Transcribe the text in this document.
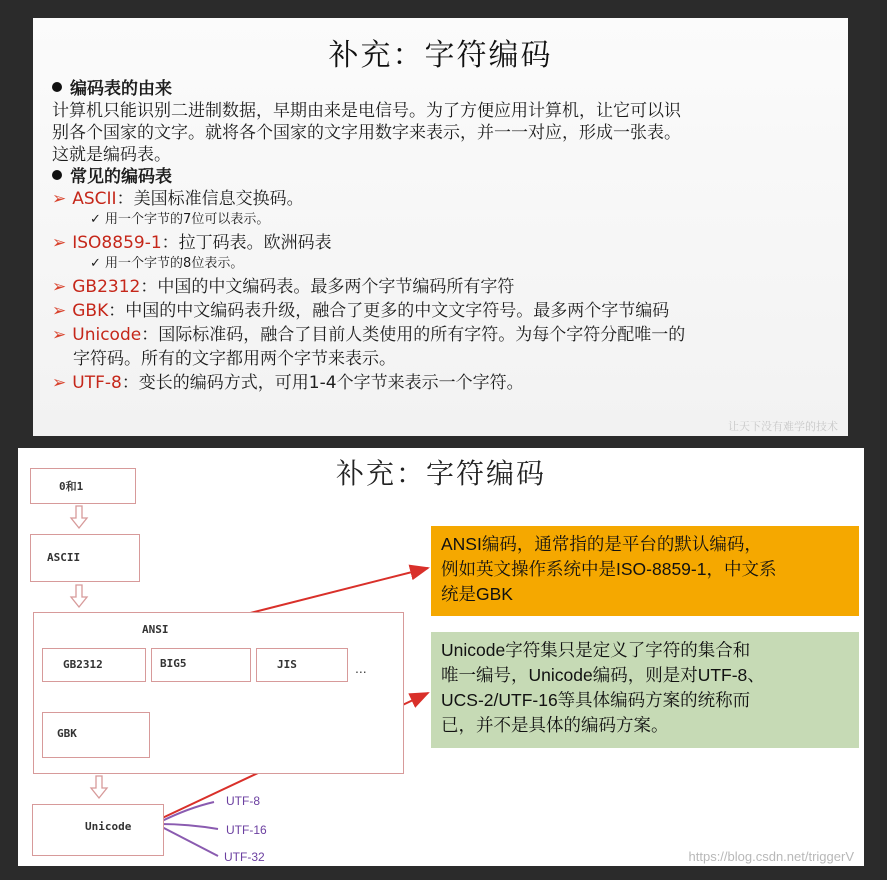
补充：字符编码
编码表的由来
计算机只能识别二进制数据，早期由来是电信号。为了方便应用计算机，让它可以识
别各个国家的文字。就将各个国家的文字用数字来表示，并一一对应，形成一张表。
这就是编码表。
常见的编码表
➢ ASCII：美国标准信息交换码。
✓ 用一个字节的7位可以表示。
➢ ISO8859-1：拉丁码表。欧洲码表
✓ 用一个字节的8位表示。
➢ GB2312：中国的中文编码表。最多两个字节编码所有字符
➢ GBK：中国的中文编码表升级，融合了更多的中文文字符号。最多两个字节编码
➢ Unicode：国际标准码，融合了目前人类使用的所有字符。为每个字符分配唯一的
字符码。所有的文字都用两个字节来表示。
➢ UTF-8：变长的编码方式，可用1-4个字节来表示一个字符。
让天下没有难学的技术
补充：字符编码
0和1
ASCII
ANSI
GB2312	BIG5	JIS	...
GBK
Unicode
UTF-8
UTF-16
UTF-32
ANSI编码，通常指的是平台的默认编码，
例如英文操作系统中是ISO-8859-1，中文系
统是GBK
Unicode字符集只是定义了字符的集合和
唯一编号，Unicode编码，则是对UTF-8、
UCS-2/UTF-16等具体编码方案的统称而
已，并不是具体的编码方案。
https://blog.csdn.net/triggerV
